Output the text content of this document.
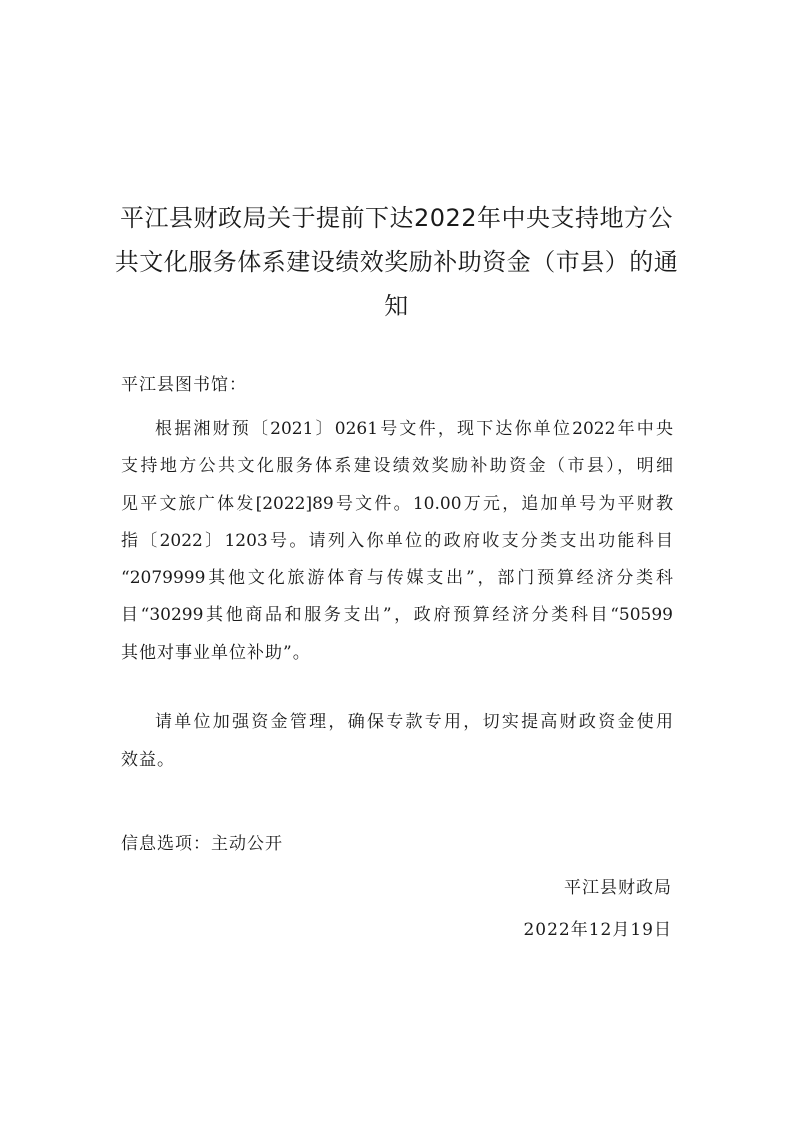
平江县财政局关于提前下达2022年中央支持地方公
共文化服务体系建设绩效奖励补助资金（市县）的通
知
平江县图书馆：
根据湘财预〔2021〕0261号文件，现下达你单位2022年中央
支持地方公共文化服务体系建设绩效奖励补助资金（市县），明细
见平文旅广体发[2022]89号文件。10.00万元，追加单号为平财教
指〔2022〕1203号。请列入你单位的政府收支分类支出功能科目
“2079999其他文化旅游体育与传媒支出”，部门预算经济分类科
目“30299其他商品和服务支出”，政府预算经济分类科目“50599
其他对事业单位补助”。
请单位加强资金管理，确保专款专用，切实提高财政资金使用
效益。
信息选项：主动公开
平江县财政局
2022年12月19日
